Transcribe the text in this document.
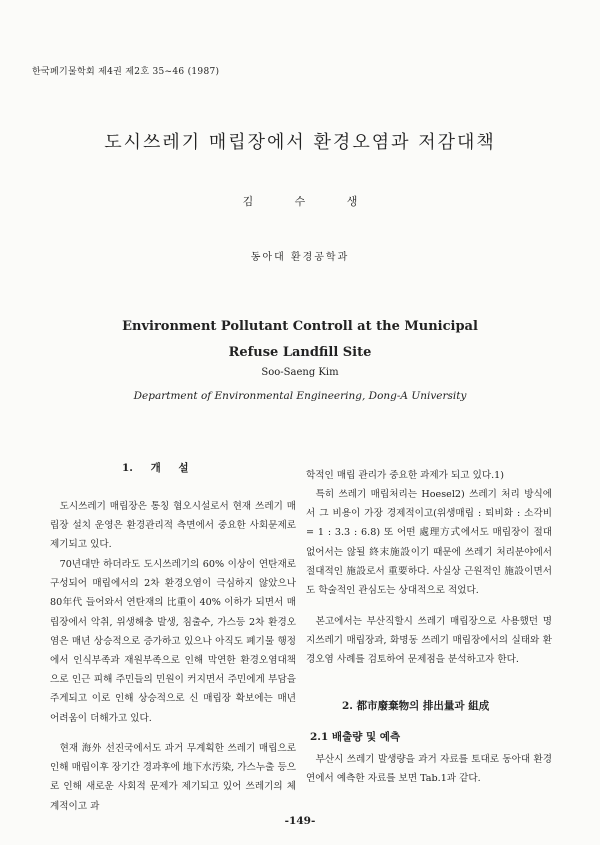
한국폐기물학회 제4권 제2호 35~46 (1987)
도시쓰레기 매립장에서 환경오염과 저감대책
김 수 생
동아대 환경공학과
Environment Pollutant Controll at the Municipal
Refuse Landfill Site
Soo-Saeng Kim
Department of Environmental Engineering, Dong-A University
1. 개 설
도시쓰레기 매립장은 통칭 혐오시설로서 현재 쓰레기 매립장 설치 운영은 환경관리적 측면에서 중요한 사회문제로 제기되고 있다.
70년대만 하더라도 도시쓰레기의 60% 이상이 연탄재로 구성되어 매립에서의 2차 환경오염이 극심하지 않았으나 80年代 들어와서 연탄재의 比重이 40% 이하가 되면서 매립장에서 악취, 위생해충 발생, 침출수, 가스등 2차 환경오염은 매년 상승적으로 증가하고 있으나 아직도 폐기물 행정에서 인식부족과 재원부족으로 인해 막연한 환경오염대책으로 인근 피해 주민들의 민원이 커지면서 주민에게 부담을 주게되고 이로 인해 상승적으로 신 매립장 확보에는 매년 어려움이 더해가고 있다.
현재 海外 선진국에서도 과거 무계획한 쓰레기 매립으로 인해 매립이후 장기간 경과후에 地下水汚染, 가스누출 등으로 인해 새로운 사회적 문제가 제기되고 있어 쓰레기의 체계적이고 과
학적인 매립 관리가 중요한 과제가 되고 있다.1)
특히 쓰레기 매립처리는 Hoesel2) 쓰레기 처리 방식에서 그 비용이 가장 경제적이고(위생매립 : 퇴비화 : 소각비 = 1 : 3.3 : 6.8) 또 어떤 處理方式에서도 매립장이 절대 없어서는 않될 終末施設이기 때문에 쓰레기 처리분야에서 절대적인 施設로서 重要하다. 사실상 근원적인 施設이면서도 학술적인 관심도는 상대적으로 적었다.
본고에서는 부산직할시 쓰레기 매립장으로 사용했던 명지쓰레기 매립장과, 화명동 쓰레기 매립장에서의 실태와 환경오염 사례를 검토하여 문제점을 분석하고자 한다.
2. 都市廢棄物의 排出量과 組成
2.1 배출량 및 예측
부산시 쓰레기 발생량을 과거 자료를 토대로 동아대 환경연에서 예측한 자료를 보면 Tab.1과 같다.
-149-
